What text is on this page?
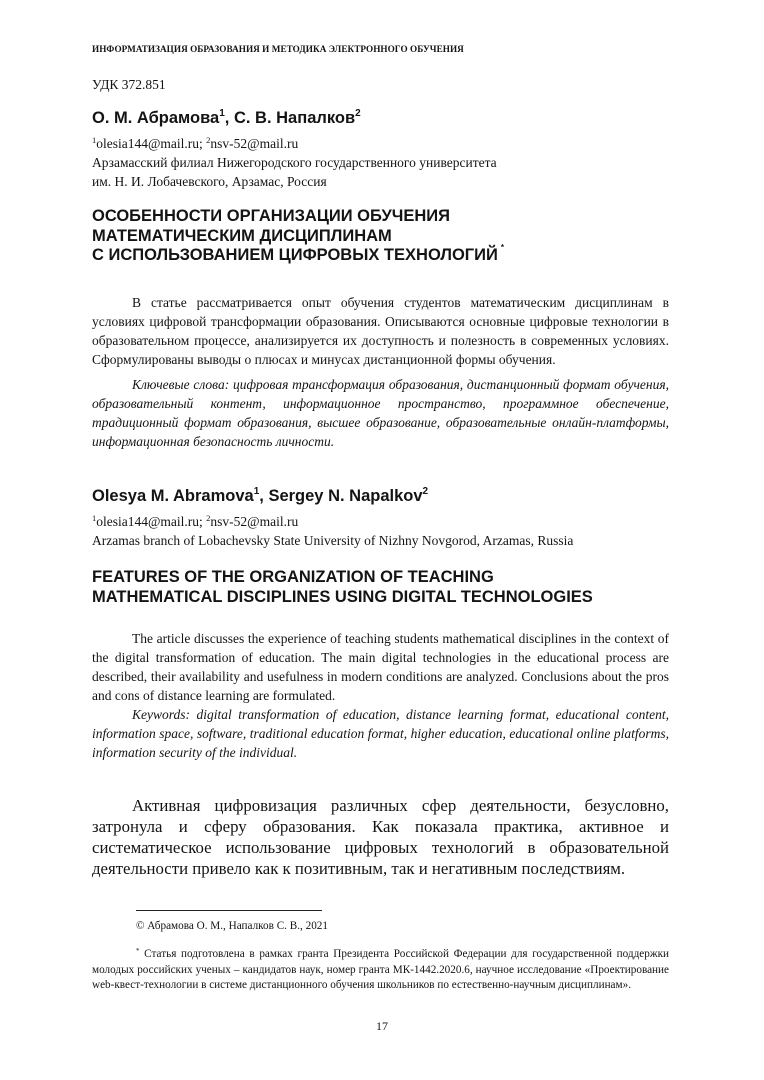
ИНФОРМАТИЗАЦИЯ ОБРАЗОВАНИЯ И МЕТОДИКА ЭЛЕКТРОННОГО ОБУЧЕНИЯ
УДК 372.851
О. М. Абрамова$^1$, С. В. Напалков$^2$
$^1$olesia144@mail.ru; $^2$nsv-52@mail.ru
Арзамасский филиал Нижегородского государственного университета
им. Н. И. Лобачевского, Арзамас, Россия
ОСОБЕННОСТИ ОРГАНИЗАЦИИ ОБУЧЕНИЯ
МАТЕМАТИЧЕСКИМ ДИСЦИПЛИНАМ
С ИСПОЛЬЗОВАНИЕМ ЦИФРОВЫХ ТЕХНОЛОГИЙ *
В статье рассматривается опыт обучения студентов математическим дисциплинам в условиях цифровой трансформации образования. Описываются основные цифровые технологии в образовательном процессе, анализируется их доступность и полезность в современных условиях. Сформулированы выводы о плюсах и минусах дистанционной формы обучения.
Ключевые слова: цифровая трансформация образования, дистанционный формат обучения, образовательный контент, информационное пространство, программное обеспечение, традиционный формат образования, высшее образование, образовательные онлайн-платформы, информационная безопасность личности.
Olesya M. Abramova$^1$, Sergey N. Napalkov$^2$
$^1$olesia144@mail.ru; $^2$nsv-52@mail.ru
Arzamas branch of Lobachevsky State University of Nizhny Novgorod, Arzamas, Russia
FEATURES OF THE ORGANIZATION OF TEACHING
MATHEMATICAL DISCIPLINES USING DIGITAL TECHNOLOGIES
The article discusses the experience of teaching students mathematical disciplines in the context of the digital transformation of education. The main digital technologies in the educational process are described, their availability and usefulness in modern conditions are analyzed. Conclusions about the pros and cons of distance learning are formulated.
Keywords: digital transformation of education, distance learning format, educational content, information space, software, traditional education format, higher education, educational online platforms, information security of the individual.
Активная цифровизация различных сфер деятельности, безусловно, затронула и сферу образования. Как показала практика, активное и систематическое использование цифровых технологий в образовательной деятельности привело как к позитивным, так и негативным последствиям.
© Абрамова О. М., Напалков С. В., 2021
* Статья подготовлена в рамках гранта Президента Российской Федерации для государственной поддержки молодых российских ученых – кандидатов наук, номер гранта МК-1442.2020.6, научное исследование «Проектирование web-квест-технологии в системе дистанционного обучения школьников по естественно-научным дисциплинам».
17
